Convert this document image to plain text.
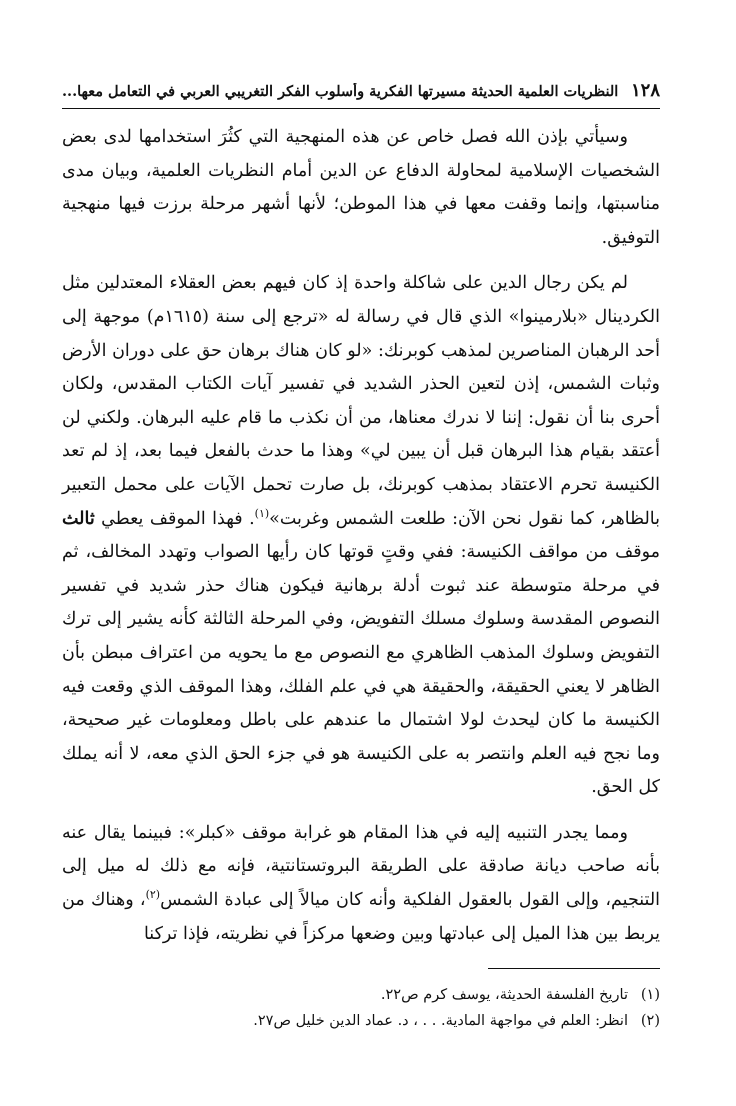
١٢٨
النظريات العلمية الحديثة مسيرتها الفكرية وأسلوب الفكر التغريبي العربي في التعامل معها...

وسيأتي بإذن الله فصل خاص عن هذه المنهجية التي كثُرَ استخدامها لدى بعض الشخصيات الإسلامية لمحاولة الدفاع عن الدين أمام النظريات العلمية، وبيان مدى مناسبتها، وإنما وقفت معها في هذا الموطن؛ لأنها أشهر مرحلة برزت فيها منهجية التوفيق.

لم يكن رجال الدين على شاكلة واحدة إذ كان فيهم بعض العقلاء المعتدلين مثل الكردينال «بلارمينوا» الذي قال في رسالة له «ترجع إلى سنة (١٦١٥م) موجهة إلى أحد الرهبان المناصرين لمذهب كوبرنك: «لو كان هناك برهان حق على دوران الأرض وثبات الشمس، إذن لتعين الحذر الشديد في تفسير آيات الكتاب المقدس، ولكان أحرى بنا أن نقول: إننا لا ندرك معناها، من أن نكذب ما قام عليه البرهان. ولكني لن أعتقد بقيام هذا البرهان قبل أن يبين لي» وهذا ما حدث بالفعل فيما بعد، إذ لم تعد الكنيسة تحرم الاعتقاد بمذهب كوبرنك، بل صارت تحمل الآيات على محمل التعبير بالظاهر، كما نقول نحن الآن: طلعت الشمس وغربت»$^{(١)}$. فهذا الموقف يعطي ثالث موقف من مواقف الكنيسة: ففي وقتٍ قوتها كان رأيها الصواب وتهدد المخالف، ثم في مرحلة متوسطة عند ثبوت أدلة برهانية فيكون هناك حذر شديد في تفسير النصوص المقدسة وسلوك مسلك التفويض، وفي المرحلة الثالثة كأنه يشير إلى ترك التفويض وسلوك المذهب الظاهري مع النصوص مع ما يحويه من اعتراف مبطن بأن الظاهر لا يعني الحقيقة، والحقيقة هي في علم الفلك، وهذا الموقف الذي وقعت فيه الكنيسة ما كان ليحدث لولا اشتمال ما عندهم على باطل ومعلومات غير صحيحة، وما نجح فيه العلم وانتصر به على الكنيسة هو في جزء الحق الذي معه، لا أنه يملك كل الحق.

ومما يجدر التنبيه إليه في هذا المقام هو غرابة موقف «كبلر»: فبينما يقال عنه بأنه صاحب ديانة صادقة على الطريقة البروتستانتية، فإنه مع ذلك له ميل إلى التنجيم، وإلى القول بالعقول الفلكية وأنه كان ميالاً إلى عبادة الشمس$^{(٢)}$، وهناك من يربط بين هذا الميل إلى عبادتها وبين وضعها مركزاً في نظريته، فإذا تركنا

(١)
تاريخ الفلسفة الحديثة، يوسف كرم ص٢٢.
(٢)
انظر: العلم في مواجهة المادية. . . ، د. عماد الدين خليل ص٢٧.
